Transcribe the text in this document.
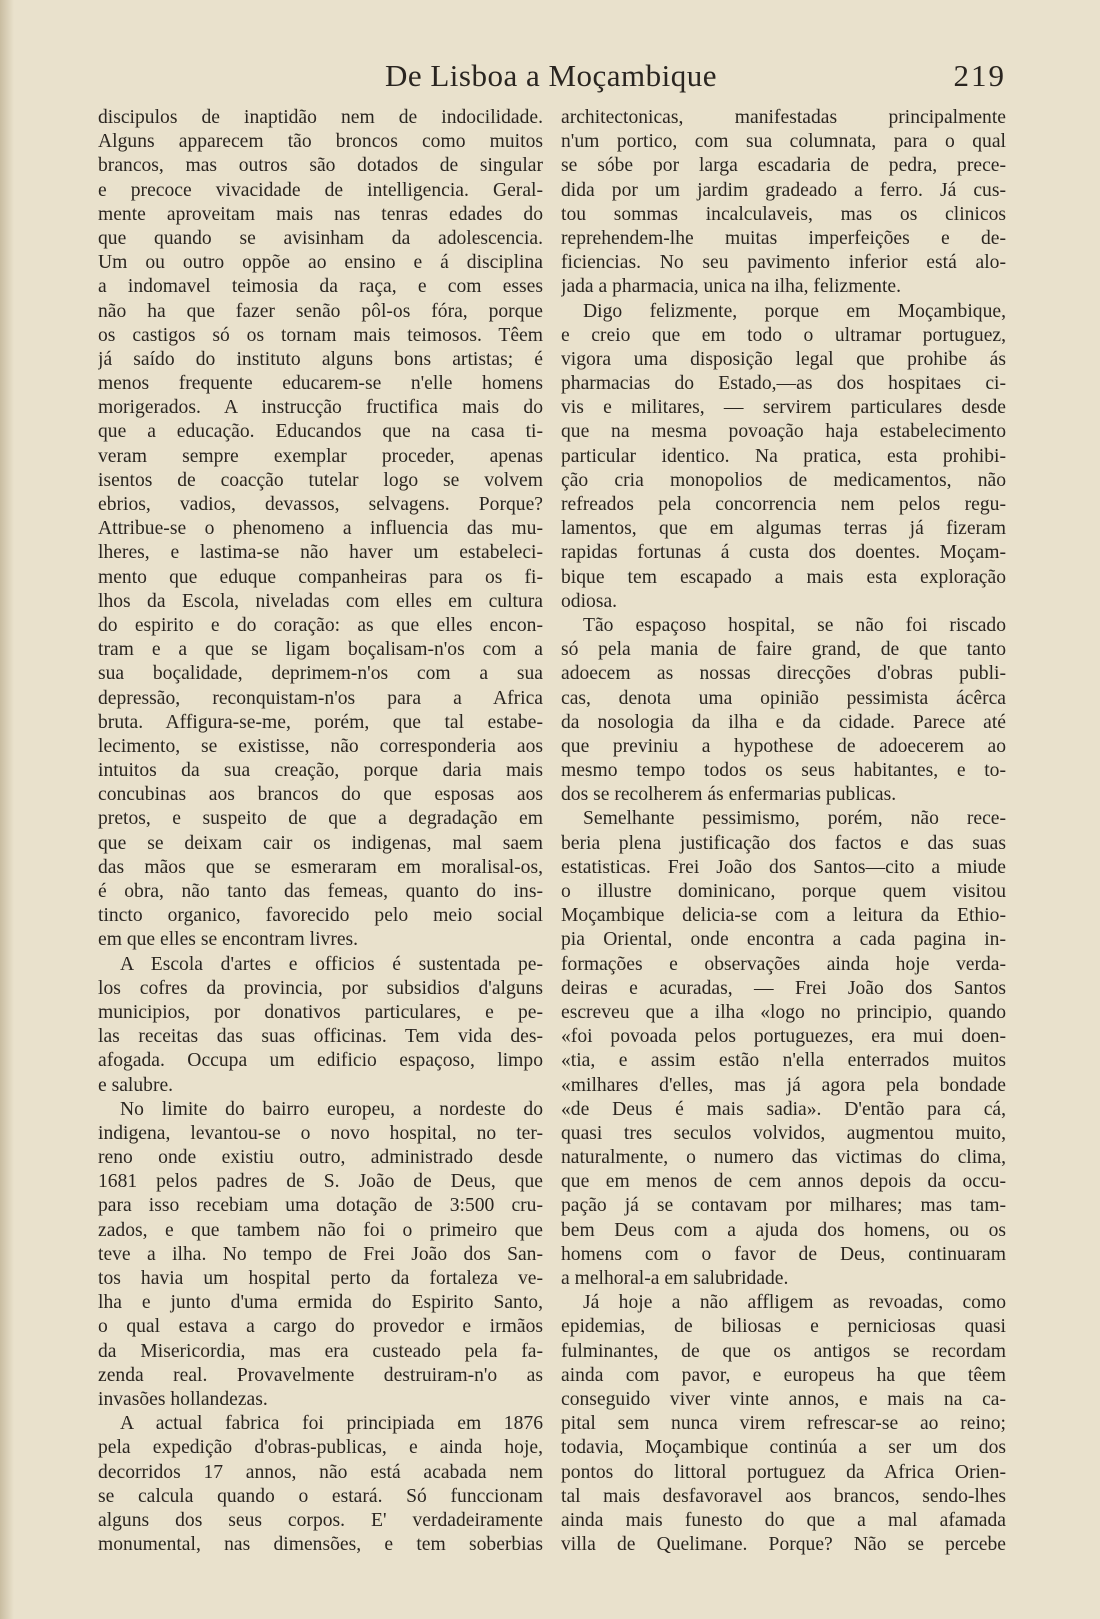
De Lisboa a Moçambique	219
discipulos de inaptidão nem de indocilidade.
Alguns apparecem tão broncos como muitos
brancos, mas outros são dotados de singular
e precoce vivacidade de intelligencia. Geral-
mente aproveitam mais nas tenras edades do
que quando se avisinham da adolescencia.
Um ou outro oppõe ao ensino e á disciplina
a indomavel teimosia da raça, e com esses
não ha que fazer senão pôl-os fóra, porque
os castigos só os tornam mais teimosos. Têem
já saído do instituto alguns bons artistas; é
menos frequente educarem-se n'elle homens
morigerados. A instrucção fructifica mais do
que a educação. Educandos que na casa ti-
veram sempre exemplar proceder, apenas
isentos de coacção tutelar logo se volvem
ebrios, vadios, devassos, selvagens. Porque?
Attribue-se o phenomeno a influencia das mu-
lheres, e lastima-se não haver um estabeleci-
mento que eduque companheiras para os fi-
lhos da Escola, niveladas com elles em cultura
do espirito e do coração: as que elles encon-
tram e a que se ligam boçalisam-n'os com a
sua boçalidade, deprimem-n'os com a sua
depressão, reconquistam-n'os para a Africa
bruta. Affigura-se-me, porém, que tal estabe-
lecimento, se existisse, não corresponderia aos
intuitos da sua creação, porque daria mais
concubinas aos brancos do que esposas aos
pretos, e suspeito de que a degradação em
que se deixam cair os indigenas, mal saem
das mãos que se esmeraram em moralisal-os,
é obra, não tanto das femeas, quanto do ins-
tincto organico, favorecido pelo meio social
em que elles se encontram livres.
A Escola d'artes e officios é sustentada pe-
los cofres da provincia, por subsidios d'alguns
municipios, por donativos particulares, e pe-
las receitas das suas officinas. Tem vida des-
afogada. Occupa um edificio espaçoso, limpo
e salubre.
No limite do bairro europeu, a nordeste do
indigena, levantou-se o novo hospital, no ter-
reno onde existiu outro, administrado desde
1681 pelos padres de S. João de Deus, que
para isso recebiam uma dotação de 3:500 cru-
zados, e que tambem não foi o primeiro que
teve a ilha. No tempo de Frei João dos San-
tos havia um hospital perto da fortaleza ve-
lha e junto d'uma ermida do Espirito Santo,
o qual estava a cargo do provedor e irmãos
da Misericordia, mas era custeado pela fa-
zenda real. Provavelmente destruiram-n'o as
invasões hollandezas.
A actual fabrica foi principiada em 1876
pela expedição d'obras-publicas, e ainda hoje,
decorridos 17 annos, não está acabada nem
se calcula quando o estará. Só funccionam
alguns dos seus corpos. E' verdadeiramente
monumental, nas dimensões, e tem soberbias
architectonicas, manifestadas principalmente
n'um portico, com sua columnata, para o qual
se sóbe por larga escadaria de pedra, prece-
dida por um jardim gradeado a ferro. Já cus-
tou sommas incalculaveis, mas os clinicos
reprehendem-lhe muitas imperfeições e de-
ficiencias. No seu pavimento inferior está alo-
jada a pharmacia, unica na ilha, felizmente.
Digo felizmente, porque em Moçambique,
e creio que em todo o ultramar portuguez,
vigora uma disposição legal que prohibe ás
pharmacias do Estado,—as dos hospitaes ci-
vis e militares, — servirem particulares desde
que na mesma povoação haja estabelecimento
particular identico. Na pratica, esta prohibi-
ção cria monopolios de medicamentos, não
refreados pela concorrencia nem pelos regu-
lamentos, que em algumas terras já fizeram
rapidas fortunas á custa dos doentes. Moçam-
bique tem escapado a mais esta exploração
odiosa.
Tão espaçoso hospital, se não foi riscado
só pela mania de faire grand, de que tanto
adoecem as nossas direcções d'obras publi-
cas, denota uma opinião pessimista ácêrca
da nosologia da ilha e da cidade. Parece até
que previniu a hypothese de adoecerem ao
mesmo tempo todos os seus habitantes, e to-
dos se recolherem ás enfermarias publicas.
Semelhante pessimismo, porém, não rece-
beria plena justificação dos factos e das suas
estatisticas. Frei João dos Santos—cito a miude
o illustre dominicano, porque quem visitou
Moçambique delicia-se com a leitura da Ethio-
pia Oriental, onde encontra a cada pagina in-
formações e observações ainda hoje verda-
deiras e acuradas, — Frei João dos Santos
escreveu que a ilha «logo no principio, quando
«foi povoada pelos portuguezes, era mui doen-
«tia, e assim estão n'ella enterrados muitos
«milhares d'elles, mas já agora pela bondade
«de Deus é mais sadia». D'então para cá,
quasi tres seculos volvidos, augmentou muito,
naturalmente, o numero das victimas do clima,
que em menos de cem annos depois da occu-
pação já se contavam por milhares; mas tam-
bem Deus com a ajuda dos homens, ou os
homens com o favor de Deus, continuaram
a melhoral-a em salubridade.
Já hoje a não affligem as revoadas, como
epidemias, de biliosas e perniciosas quasi
fulminantes, de que os antigos se recordam
ainda com pavor, e europeus ha que têem
conseguido viver vinte annos, e mais na ca-
pital sem nunca virem refrescar-se ao reino;
todavia, Moçambique continúa a ser um dos
pontos do littoral portuguez da Africa Orien-
tal mais desfavoravel aos brancos, sendo-lhes
ainda mais funesto do que a mal afamada
villa de Quelimane. Porque? Não se percebe
